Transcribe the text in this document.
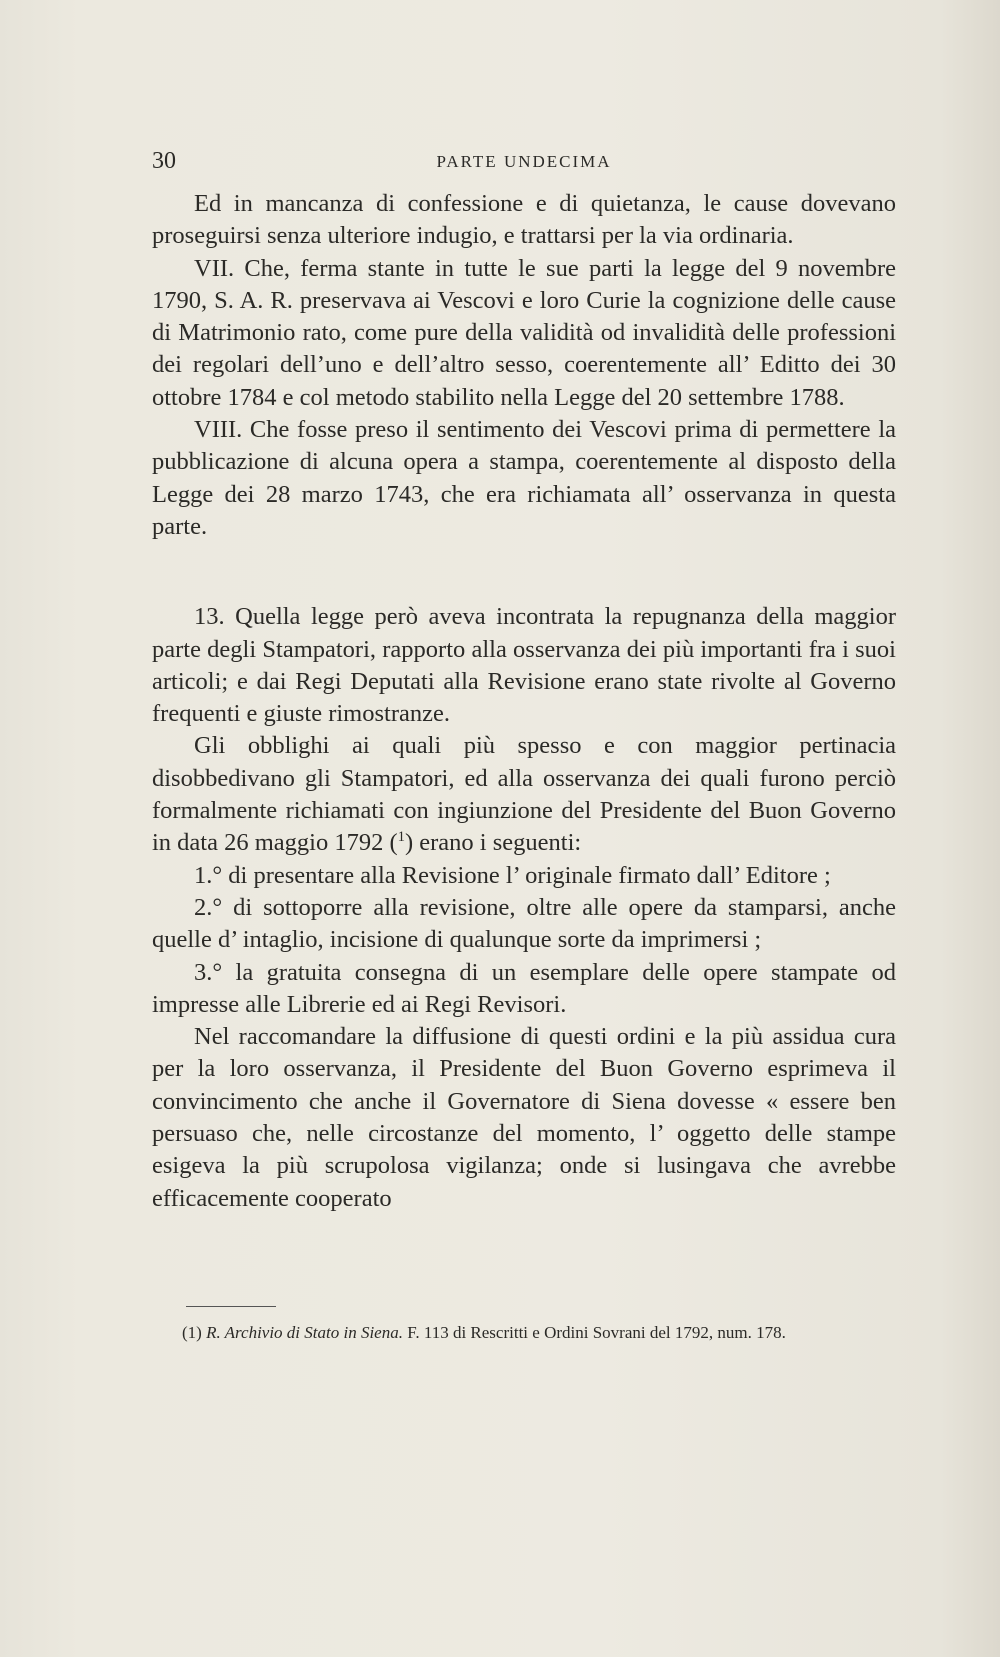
30	PARTE UNDECIMA

Ed in mancanza di confessione e di quietanza, le cause dovevano proseguirsi senza ulteriore indugio, e trattarsi per la via ordinaria.

VII. Che, ferma stante in tutte le sue parti la legge del 9 novembre 1790, S. A. R. preservava ai Vescovi e loro Curie la cognizione delle cause di Matrimonio rato, come pure della validità od invalidità delle professioni dei regolari dell’uno e dell’altro sesso, coerentemente all’ Editto dei 30 ottobre 1784 e col metodo stabilito nella Legge del 20 settembre 1788.

VIII. Che fosse preso il sentimento dei Vescovi prima di permettere la pubblicazione di alcuna opera a stampa, coerentemente al disposto della Legge dei 28 marzo 1743, che era richiamata all’ osservanza in questa parte.

13. Quella legge però aveva incontrata la repugnanza della maggior parte degli Stampatori, rapporto alla osservanza dei più importanti fra i suoi articoli; e dai Regi Deputati alla Revisione erano state rivolte al Governo frequenti e giuste rimostranze.

Gli obblighi ai quali più spesso e con maggior pertinacia disobbedivano gli Stampatori, ed alla osservanza dei quali furono perciò formalmente richiamati con ingiunzione del Presidente del Buon Governo in data 26 maggio 1792 ($^1$) erano i seguenti:

1.° di presentare alla Revisione l’ originale firmato dall’ Editore ;

2.° di sottoporre alla revisione, oltre alle opere da stamparsi, anche quelle d’ intaglio, incisione di qualunque sorte da imprimersi ;

3.° la gratuita consegna di un esemplare delle opere stampate od impresse alle Librerie ed ai Regi Revisori.

Nel raccomandare la diffusione di questi ordini e la più assidua cura per la loro osservanza, il Presidente del Buon Governo esprimeva il convincimento che anche il Governatore di Siena dovesse « essere ben persuaso che, nelle circostanze del momento, l’ oggetto delle stampe esigeva la più scrupolosa vigilanza; onde si lusingava che avrebbe efficacemente cooperato

(1) R. Archivio di Stato in Siena. F. 113 di Rescritti e Ordini Sovrani del 1792, num. 178.
